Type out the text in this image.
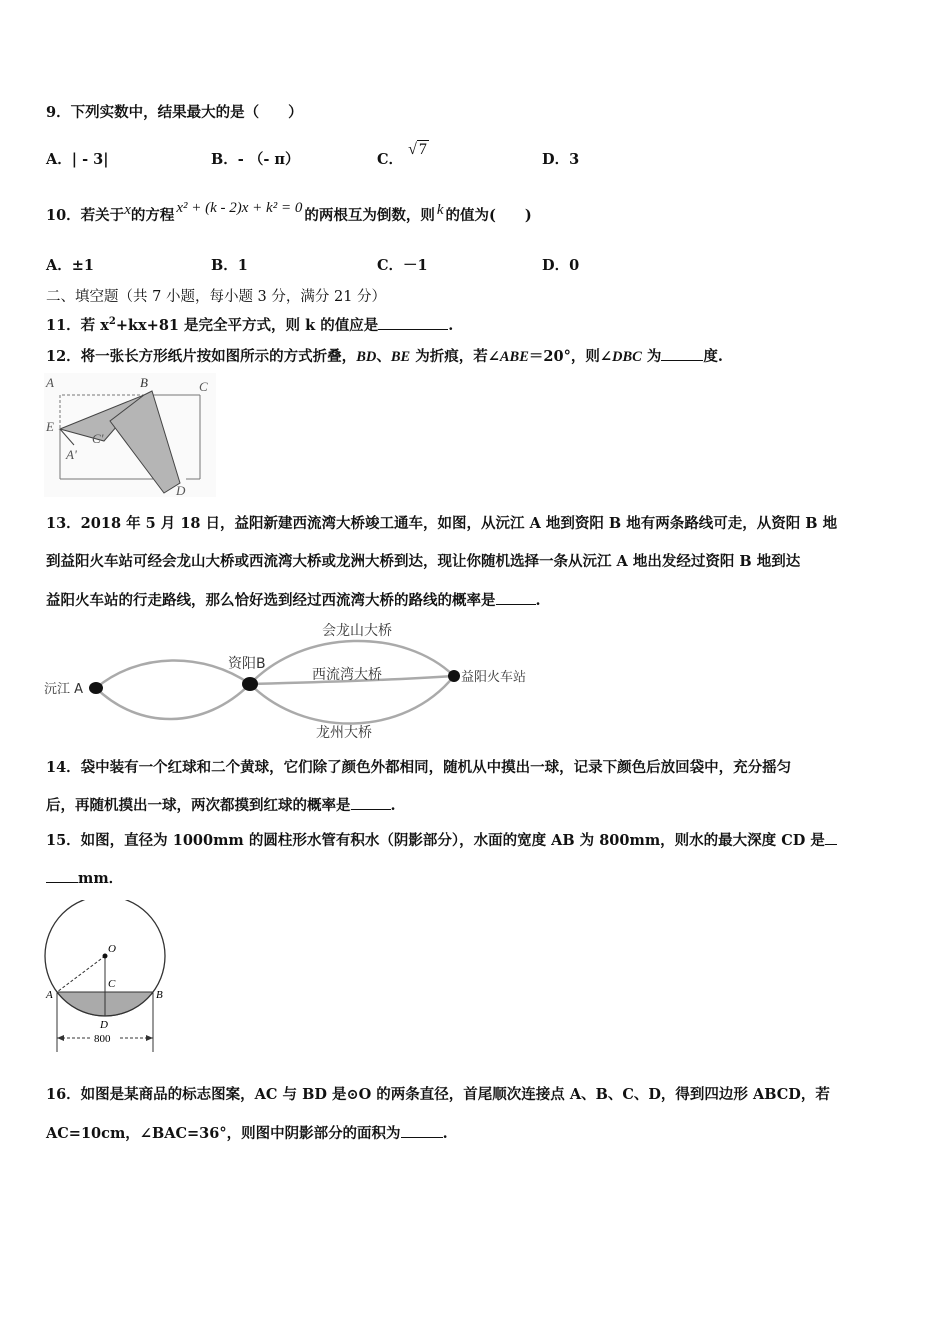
9．下列实数中，结果最大的是（　　）
A．| - 3|	B．- （- π）	C． √ 7
D．3
10．若关于x的方程 x² + (k - 2)x + k² = 0 的两根互为倒数，则 k 的值为(　　)
A．±1	B．1	C．－1	D．0
二、填空题（共 7 小题，每小题 3 分，满分 21 分）
11．若 $x^2+kx+81$ 是完全平方式，则 k 的值应是	.
12．将一张长方形纸片按如图所示的方式折叠，BD、BE 为折痕，若∠ABE＝20°，则∠DBC 为	度.
A	B	C
E
C'
A'
D
13．2018 年 5 月 18 日，益阳新建西流湾大桥竣工通车，如图，从沅江 A 地到资阳 B 地有两条路线可走，从资阳 B 地
到益阳火车站可经会龙山大桥或西流湾大桥或龙洲大桥到达，现让你随机选择一条从沅江 A 地出发经过资阳 B 地到达
益阳火车站的行走路线，那么恰好选到经过西流湾大桥的路线的概率是	.
沅江 A
资阳B
益阳火车站
会龙山大桥
西流湾大桥
龙州大桥
14．袋中装有一个红球和二个黄球，它们除了颜色外都相同，随机从中摸出一球，记录下颜色后放回袋中，充分摇匀
后，再随机摸出一球，两次都摸到红球的概率是	.
15．如图，直径为 1000mm 的圆柱形水管有积水（阴影部分），水面的宽度 AB 为 800mm，则水的最大深度 CD 是
mm．
O
C
A	B
D
800
16．如图是某商品的标志图案，AC 与 BD 是⊙O 的两条直径，首尾顺次连接点 A、B、C、D，得到四边形 ABCD，若
AC=10cm，∠BAC=36°，则图中阴影部分的面积为	.
